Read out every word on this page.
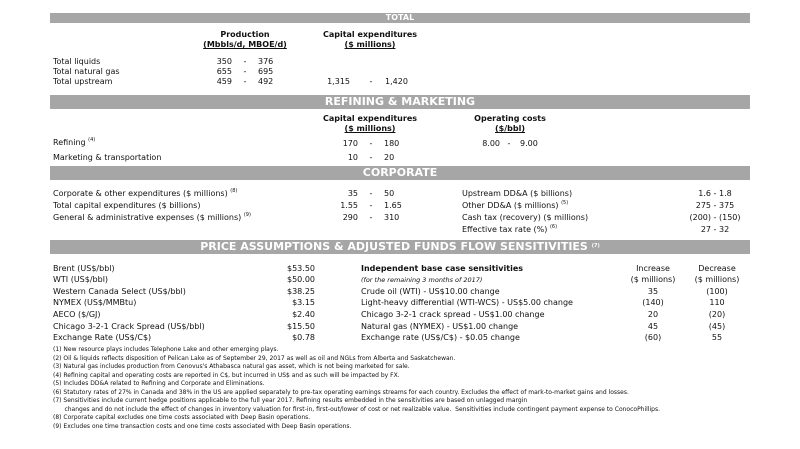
TOTAL
Production
(Mbbls/d, MBOE/d)
Capital expenditures
($ millions)
Total liquids	350	-	376
Total natural gas	655	-	695
Total upstream	459	-	492	1,315	-	1,420
REFINING & MARKETING
Capital expenditures
($ millions)
Operating costs
($/bbl)
Refining $^{(4)}$	170	-	180	8.00 -	9.00
Marketing & transportation	10	-	20
CORPORATE
Corporate & other expenditures ($ millions) $^{(8)}$	35	-	50
Total capital expenditures ($ billions)	1.55	-	1.65
General & administrative expenses ($ millions) $^{(9)}$	290	-	310
Upstream DD&A ($ billions)	1.6 - 1.8
Other DD&A ($ millions) $^{(5)}$	275 - 375
Cash tax (recovery) ($ millions)	(200) - (150)
Effective tax rate (%) $^{(6)}$	27 - 32
PRICE ASSUMPTIONS & ADJUSTED FUNDS FLOW SENSITIVITIES $^{(7)}$
Brent (US$/bbl)	$53.50
WTI (US$/bbl)	$50.00
Western Canada Select (US$/bbl)	$38.25
NYMEX (US$/MMBtu)	$3.15
AECO ($/GJ)	$2.40
Chicago 3-2-1 Crack Spread (US$/bbl)	$15.50
Exchange Rate (US$/C$)	$0.78
Independent base case sensitivities
(for the remaining 3 months of 2017)
Increase
($ millions)
Decrease
($ millions)
Crude oil (WTI) - US$10.00 change	35	(100)
Light-heavy differential (WTI-WCS) - US$5.00 change	(140)	110
Chicago 3-2-1 crack spread - US$1.00 change	20	(20)
Natural gas (NYMEX) - US$1.00 change	45	(45)
Exchange rate (US$/C$) - $0.05 change	(60)	55
(1) New resource plays includes Telephone Lake and other emerging plays.
(2) Oil & liquids reflects disposition of Pelican Lake as of September 29, 2017 as well as oil and NGLs from Alberta and Saskatchewan.
(3) Natural gas includes production from Cenovus's Athabasca natural gas asset, which is not being marketed for sale.
(4) Refining capital and operating costs are reported in C$, but incurred in US$ and as such will be impacted by FX.
(5) Includes DD&A related to Refining and Corporate and Eliminations.
(6) Statutory rates of 27% in Canada and 38% in the US are applied separately to pre-tax operating earnings streams for each country. Excludes the effect of mark-to-market gains and losses.
(7) Sensitivities include current hedge positions applicable to the full year 2017. Refining results embedded in the sensitivities are based on unlagged margin
changes and do not include the effect of changes in inventory valuation for first-in, first-out/lower of cost or net realizable value.  Sensitivities include contingent payment expense to ConocoPhillips.
(8) Corporate capital excludes one time costs associated with Deep Basin operations.
(9) Excludes one time transaction costs and one time costs associated with Deep Basin operations.
